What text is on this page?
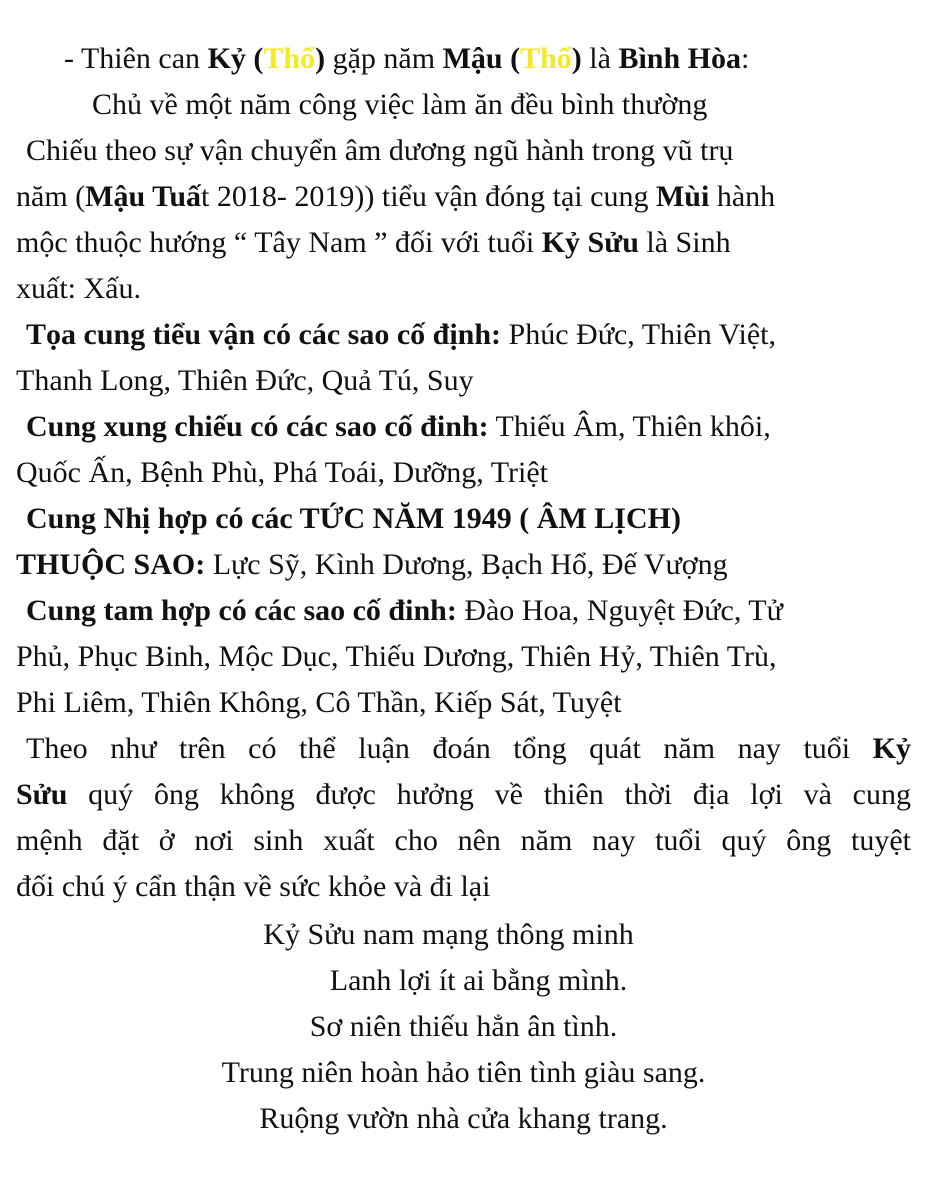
- Thiên can Kỷ (Thổ) gặp năm Mậu (Thổ) là Bình Hòa:
Chủ về một năm công việc làm ăn đều bình thường
Chiếu theo sự vận chuyển âm dương ngũ hành trong vũ trụ
năm (Mậu Tuất 2018- 2019)) tiểu vận đóng tại cung Mùi hành
mộc thuộc hướng “ Tây Nam ” đối với tuổi Kỷ Sửu là Sinh
xuất: Xấu.
Tọa cung tiểu vận có các sao cố định: Phúc Đức, Thiên Việt,
Thanh Long, Thiên Đức, Quả Tú, Suy
Cung xung chiếu có các sao cố đinh: Thiếu Âm, Thiên khôi,
Quốc Ấn, Bệnh Phù, Phá Toái, Dưỡng, Triệt
Cung Nhị hợp có các TỨC NĂM 1949 ( ÂM LỊCH)
THUỘC SAO: Lực Sỹ, Kình Dương, Bạch Hổ, Đế Vượng
Cung tam hợp có các sao cố đinh: Đào Hoa, Nguyệt Đức, Tử
Phủ, Phục Binh, Mộc Dục, Thiếu Dương, Thiên Hỷ, Thiên Trù,
Phi Liêm, Thiên Không, Cô Thần, Kiếp Sát, Tuyệt
Theo như trên có thể luận đoán tổng quát năm nay tuổi Kỷ
Sửu quý ông không được hưởng về thiên thời địa lợi và cung
mệnh đặt ở nơi sinh xuất cho nên năm nay tuổi quý ông tuyệt
đối chú ý cẩn thận về sức khỏe và đi lại
Kỷ Sửu nam mạng thông minh
Lanh lợi ít ai bằng mình.
Sơ niên thiếu hẳn ân tình.
Trung niên hoàn hảo tiên tình giàu sang.
Ruộng vườn nhà cửa khang trang.
